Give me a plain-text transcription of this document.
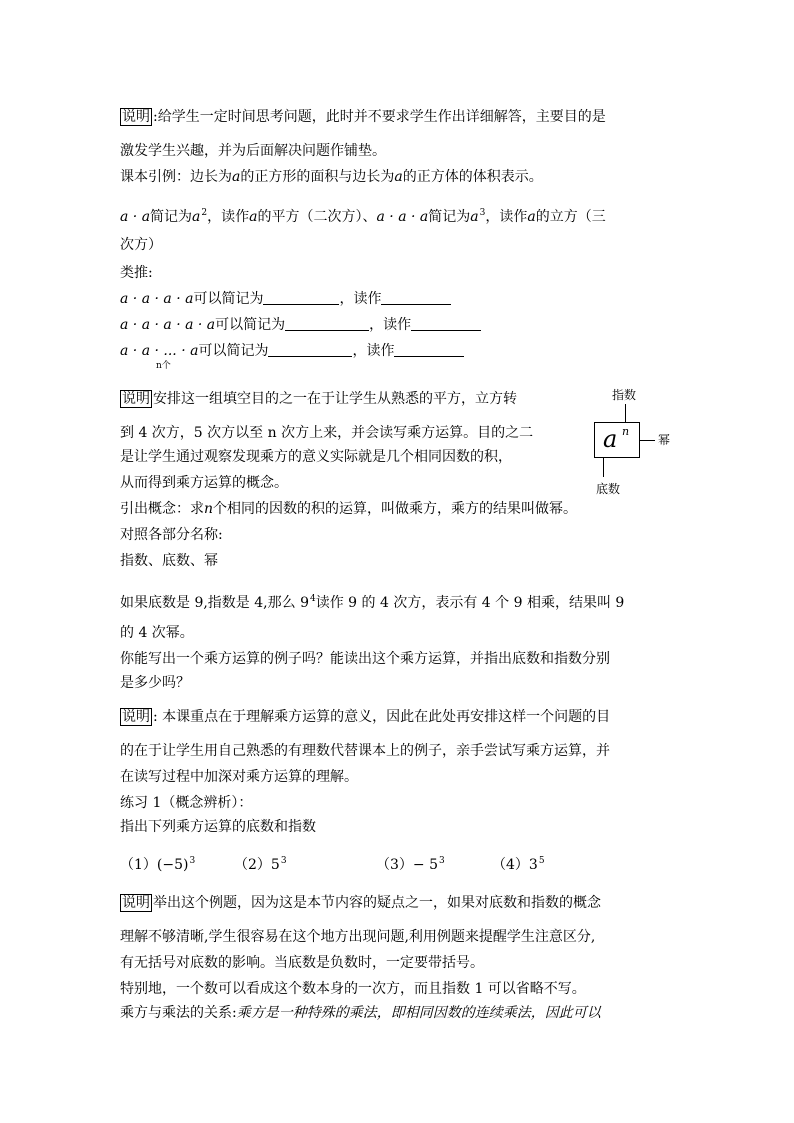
说明 :给学生一定时间思考问题，此时并不要求学生作出详细解答，主要目的是
激发学生兴趣，并为后面解决问题作铺垫。
课本引例：边长为a的正方形的面积与边长为a的正方体的体积表示。
a · a简记为$a^2$，读作a的平方（二次方）、a · a · a简记为$a^3$，读作a的立方（三
次方）
类推:
a · a · a · a可以简记为	，读作
a · a · a · a · a可以简记为	，读作
a · a · ... · a可以简记为	，读作
n个
说明 安排这一组填空目的之一在于让学生从熟悉的平方，立方转
到 4 次方，5 次方以至 n 次方上来，并会读写乘方运算。目的之二
是让学生通过观察发现乘方的意义实际就是几个相同因数的积，
从而得到乘方运算的概念。
指数
a n
幂
底数
引出概念：求n个相同的因数的积的运算，叫做乘方，乘方的结果叫做幂。
对照各部分名称:
指数、底数、幂
如果底数是 9,指数是 4,那么 $9^4$读作 9 的 4 次方，表示有 4 个 9 相乘，结果叫 9
的 4 次幂。
你能写出一个乘方运算的例子吗？能读出这个乘方运算，并指出底数和指数分别
是多少吗？
说明 : 本课重点在于理解乘方运算的意义，因此在此处再安排这样一个问题的目
的在于让学生用自己熟悉的有理数代替课本上的例子，亲手尝试写乘方运算，并
在读写过程中加深对乘方运算的理解。
练习 1（概念辨析）：
指出下列乘方运算的底数和指数
$(1)(-5)^3$	$(2)5^3$	$(3)- 5^3$	$(4)3^5$
说明 举出这个例题，因为这是本节内容的疑点之一，如果对底数和指数的概念
理解不够清晰,学生很容易在这个地方出现问题,利用例题来提醒学生注意区分,
有无括号对底数的影响。当底数是负数时，一定要带括号。
特别地，一个数可以看成这个数本身的一次方，而且指数 1 可以省略不写。
乘方与乘法的关系:乘方是一种特殊的乘法，即相同因数的连续乘法，因此可以
